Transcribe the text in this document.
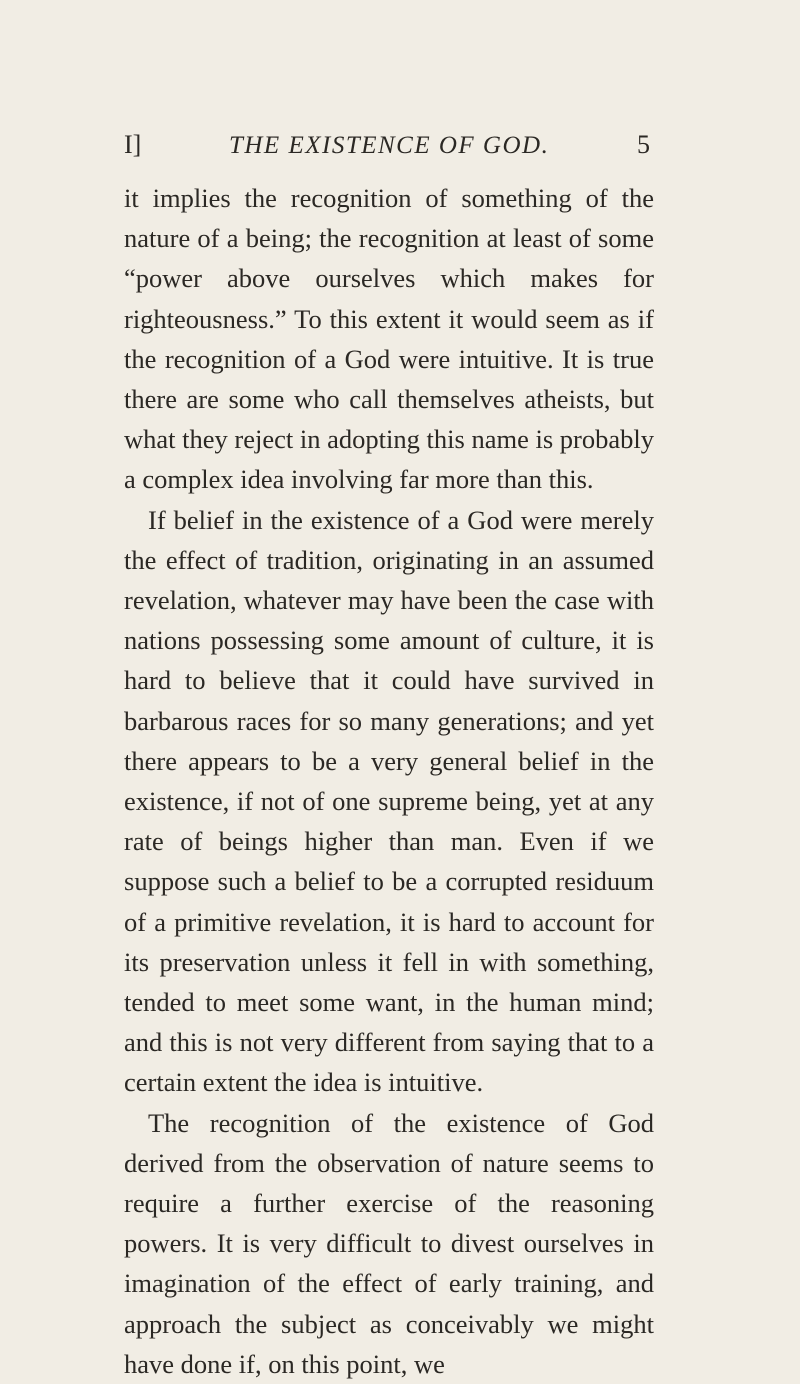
I]	THE EXISTENCE OF GOD.	5

it implies the recognition of something of the nature of a being; the recognition at least of some “power above ourselves which makes for righteousness.” To this extent it would seem as if the recognition of a God were intuitive. It is true there are some who call themselves atheists, but what they reject in adopting this name is probably a complex idea involving far more than this.

If belief in the existence of a God were merely the effect of tradition, originating in an assumed revelation, whatever may have been the case with nations possessing some amount of culture, it is hard to believe that it could have survived in barbarous races for so many generations; and yet there appears to be a very general belief in the existence, if not of one supreme being, yet at any rate of beings higher than man. Even if we suppose such a belief to be a corrupted residuum of a primitive revelation, it is hard to account for its preservation unless it fell in with something, tended to meet some want, in the human mind; and this is not very different from saying that to a certain extent the idea is intuitive.

The recognition of the existence of God derived from the observation of nature seems to require a further exercise of the reasoning powers. It is very difficult to divest ourselves in imagination of the effect of early training, and approach the subject as conceivably we might have done if, on this point, we
